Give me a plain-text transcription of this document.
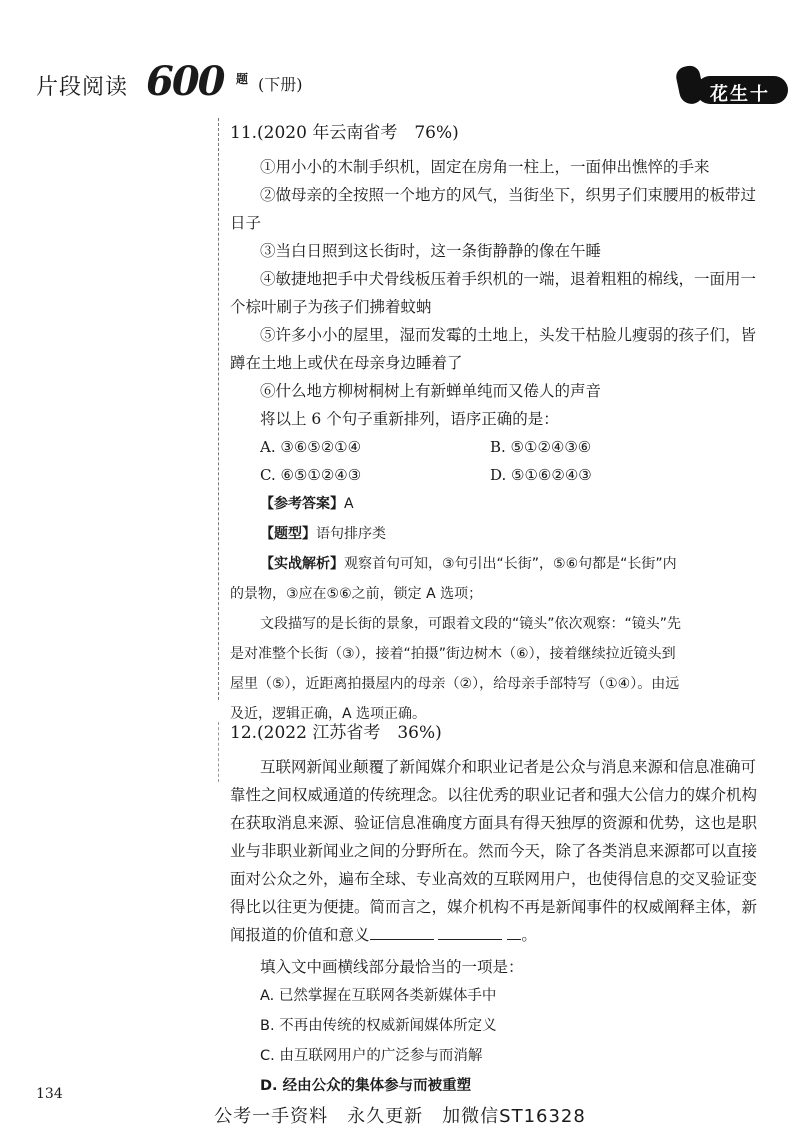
片段阅读 600 题 (下册)	花生十三

11.(2020 年云南省考　76%)

①用小小的木制手织机，固定在房角一柱上，一面伸出憔悴的手来

②做母亲的全按照一个地方的风气，当街坐下，织男子们束腰用的板带过

日子

③当白日照到这长街时，这一条街静静的像在午睡

④敏捷地把手中犬骨线板压着手织机的一端，退着粗粗的棉线，一面用一

个棕叶刷子为孩子们拂着蚊蚋

⑤许多小小的屋里，湿而发霉的土地上，头发干枯脸儿瘦弱的孩子们，皆

蹲在土地上或伏在母亲身边睡着了

⑥什么地方柳树桐树上有新蝉单纯而又倦人的声音

将以上 6 个句子重新排列，语序正确的是：

A. ③⑥⑤②①④	B. ⑤①②④③⑥
C. ⑥⑤①②④③	D. ⑤①⑥②④③

【参考答案】A

【题型】语句排序类

【实战解析】观察首句可知，③句引出“长街”，⑤⑥句都是“长街”内

的景物，③应在⑤⑥之前，锁定 A 选项；

文段描写的是长街的景象，可跟着文段的“镜头”依次观察：“镜头”先

是对准整个长街（③），接着“拍摄”街边树木（⑥），接着继续拉近镜头到

屋里（⑤），近距离拍摄屋内的母亲（②），给母亲手部特写（①④）。由远

及近，逻辑正确，A 选项正确。

12.(2022 江苏省考　36%)

互联网新闻业颠覆了新闻媒介和职业记者是公众与消息来源和信息准确可

靠性之间权威通道的传统理念。以往优秀的职业记者和强大公信力的媒介机构

在获取消息来源、验证信息准确度方面具有得天独厚的资源和优势，这也是职

业与非职业新闻业之间的分野所在。然而今天，除了各类消息来源都可以直接

面对公众之外，遍布全球、专业高效的互联网用户，也使得信息的交叉验证变

得比以往更为便捷。简而言之，媒介机构不再是新闻事件的权威阐释主体，新

闻报道的价值和意义	。

填入文中画横线部分最恰当的一项是：

A. 已然掌握在互联网各类新媒体手中

B. 不再由传统的权威新闻媒体所定义

C. 由互联网用户的广泛参与而消解

D. 经由公众的集体参与而被重塑

134
公考一手资料　永久更新　加微信ST16328
